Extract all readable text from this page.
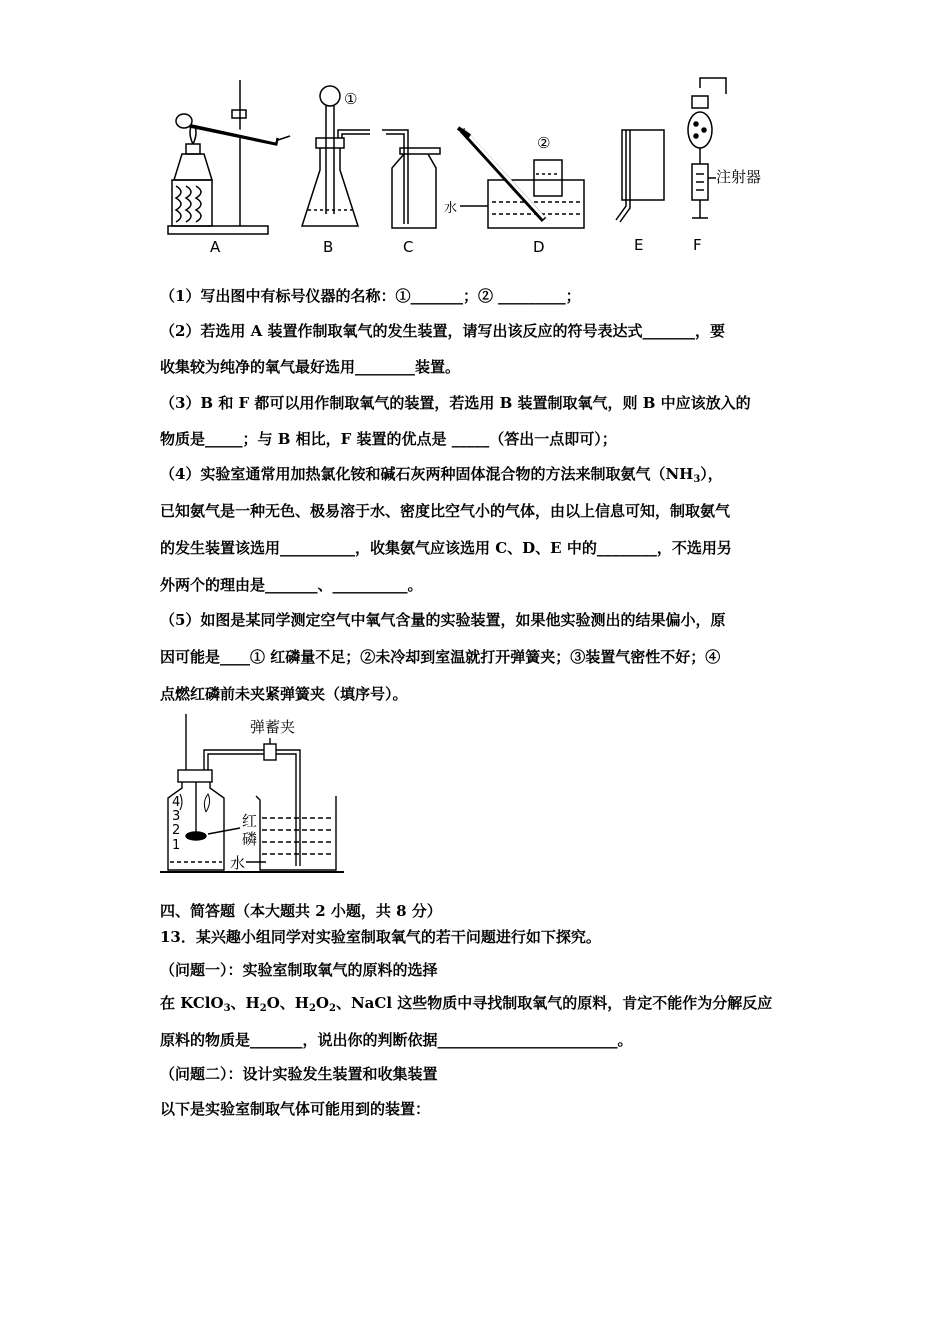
A	B	C	D	E	F
①
②
水
注射器
（1）写出图中有标号仪器的名称：①_______；② _________；
（2）若选用 A 装置作制取氧气的发生装置，请写出该反应的符号表达式_______，要
收集较为纯净的氧气最好选用________装置。
（3）B 和 F 都可以用作制取氧气的装置，若选用 B 装置制取氧气，则 B 中应该放入的
物质是_____；与 B 相比，F 装置的优点是 _____（答出一点即可）；
（4）实验室通常用加热氯化铵和碱石灰两种固体混合物的方法来制取氨气$(NH_3)$，
已知氨气是一种无色、极易溶于水、密度比空气小的气体，由以上信息可知，制取氨气
的发生装置该选用__________，收集氨气应该选用 C、D、E 中的________，不选用另
外两个的理由是_______、__________。
（5）如图是某同学测定空气中氧气含量的实验装置，如果他实验测出的结果偏小，原
因可能是____① 红磷量不足；②未冷却到室温就打开弹簧夹；③装置气密性不好；④
点燃红磷前未夹紧弹簧夹（填序号）。
弹蓄夹
红
磷
水
4
3
2
1
四、简答题（本大题共 2 小题，共 8 分）
13．某兴趣小组同学对实验室制取氧气的若干问题进行如下探究。
（问题一）：实验室制取氧气的原料的选择
在 KClO$_3$、$H_2O$、$H_2O_2$、NaCl 这些物质中寻找制取氧气的原料，肯定不能作为分解反应
原料的物质是_______，说出你的判断依据________________________。
（问题二）：设计实验发生装置和收集装置
以下是实验室制取气体可能用到的装置：
